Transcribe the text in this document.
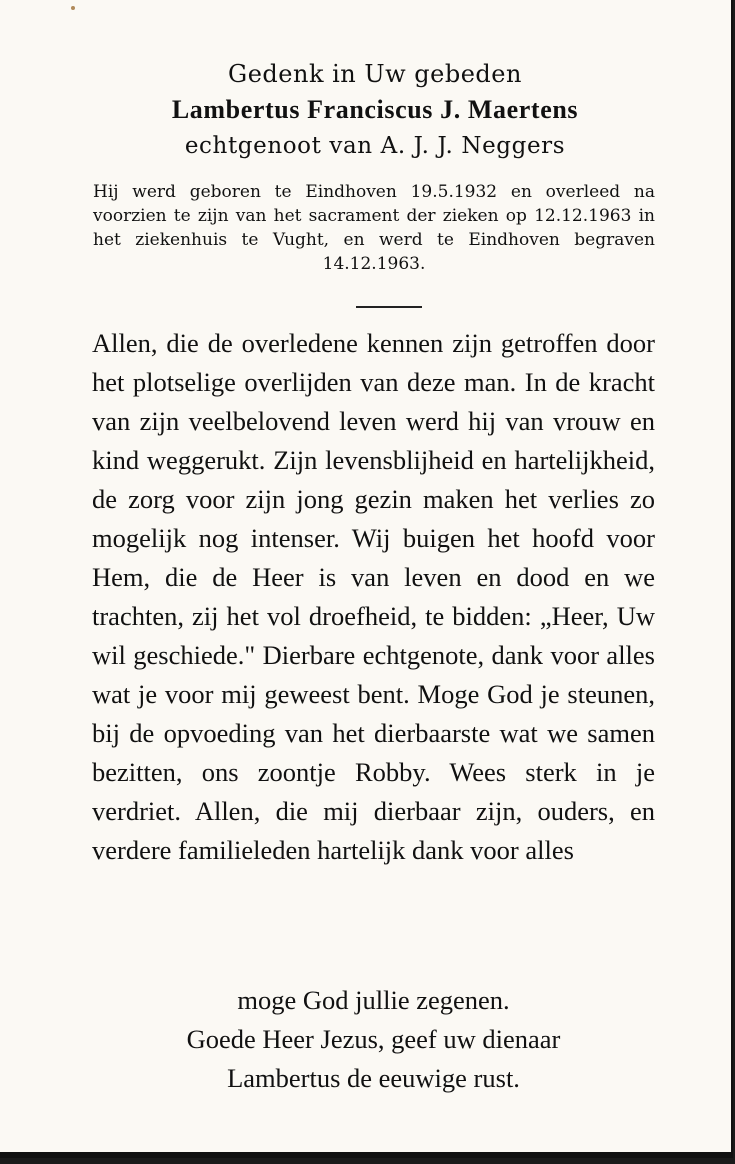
Gedenk in Uw gebeden
Lambertus Franciscus J. Maertens
echtgenoot van A. J. J. Neggers
Hij werd geboren te Eindhoven 19.5.1932 en overleed na voorzien te zijn van het sacrament der zieken op 12.12.1963 in het ziekenhuis te Vught, en werd te Eindhoven begraven 14.12.1963.

Allen, die de overledene kennen zijn getroffen door het plotselige overlijden van deze man. In de kracht van zijn veelbelovend leven werd hij van vrouw en kind weggerukt. Zijn levensblijheid en hartelijkheid, de zorg voor zijn jong gezin maken het verlies zo mogelijk nog intenser. Wij buigen het hoofd voor Hem, die de Heer is van leven en dood en we trachten, zij het vol droefheid, te bidden: „Heer, Uw wil geschiede." Dierbare echtgenote, dank voor alles wat je voor mij geweest bent. Moge God je steunen, bij de opvoeding van het dierbaarste wat we samen bezitten, ons zoontje Robby. Wees sterk in je verdriet. Allen, die mij dierbaar zijn, ouders, en verdere familieleden hartelijk dank voor alles

moge God jullie zegenen.
Goede Heer Jezus, geef uw dienaar
Lambertus de eeuwige rust.
